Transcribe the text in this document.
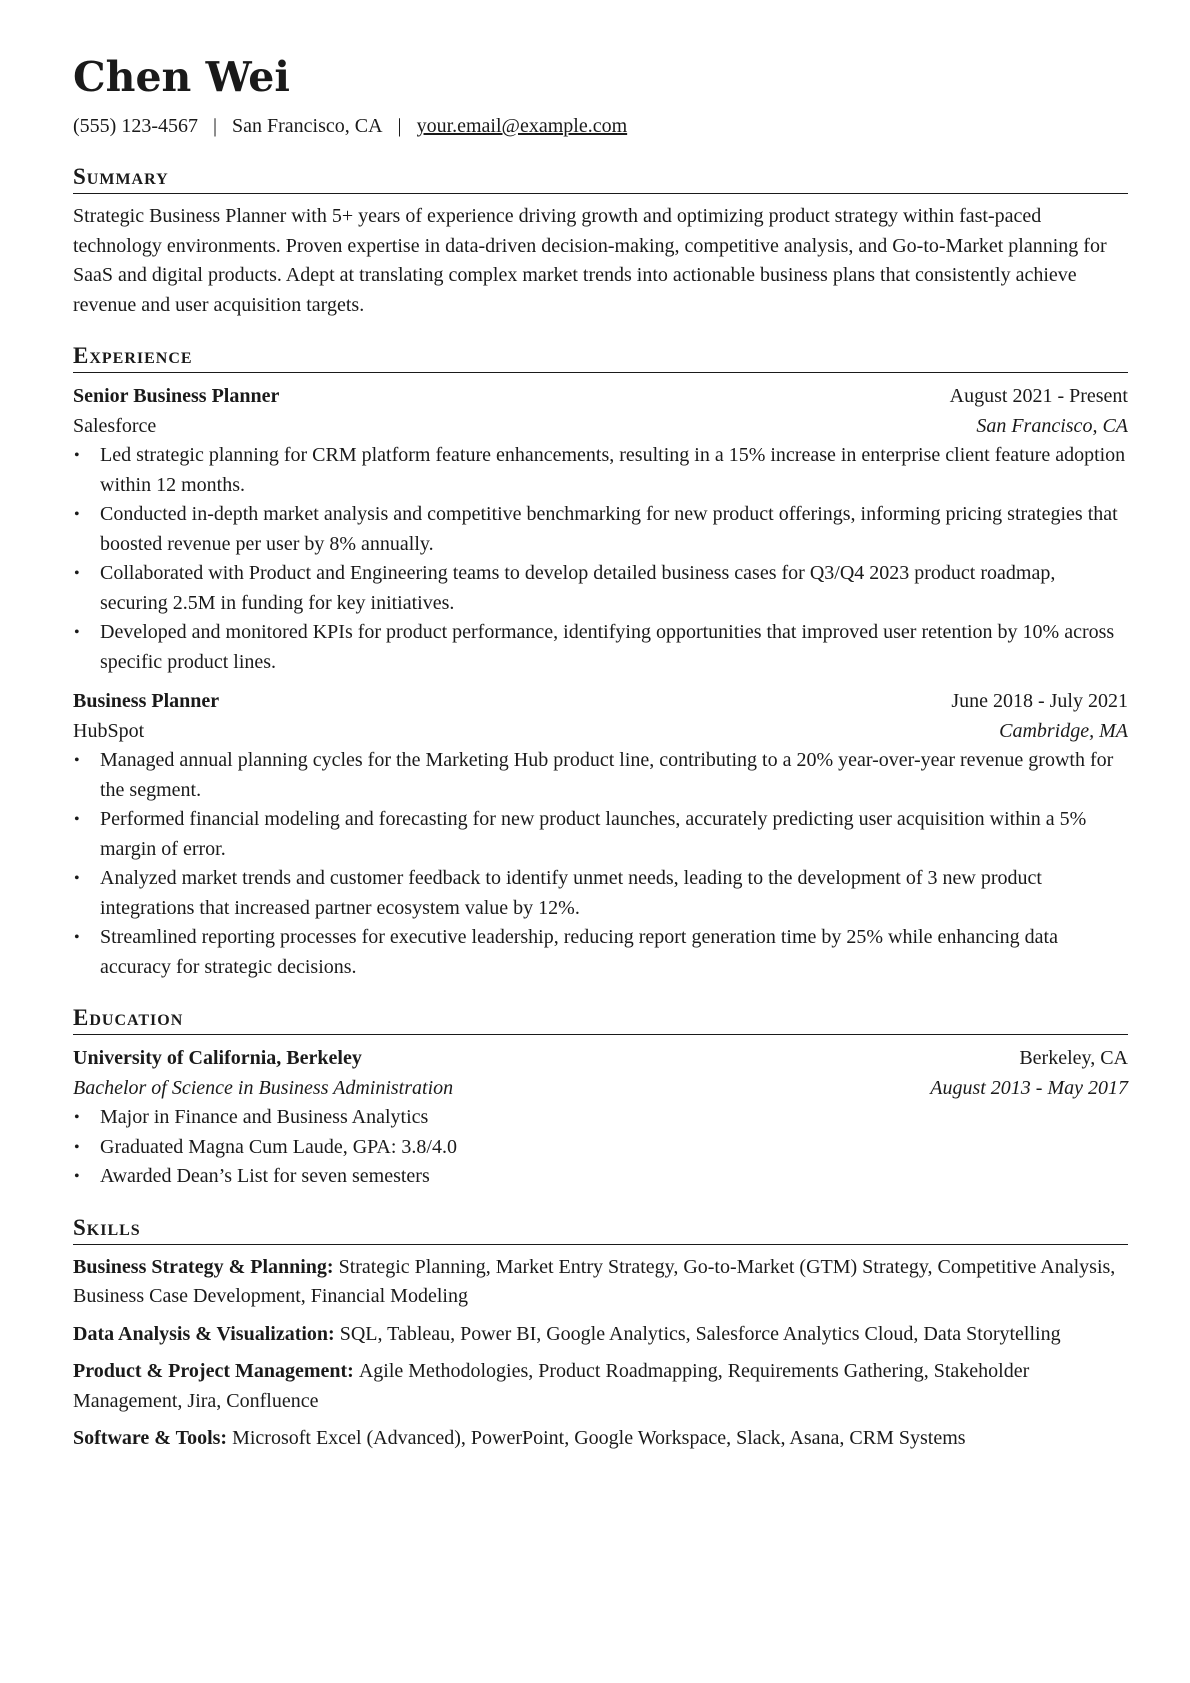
Chen Wei
(555) 123-4567 | San Francisco, CA | your.email@example.com
Summary
Strategic Business Planner with 5+ years of experience driving growth and optimizing product strategy within fast-paced technology environments. Proven expertise in data-driven decision-making, competitive analysis, and Go-to-Market planning for SaaS and digital products. Adept at translating complex market trends into actionable business plans that consistently achieve revenue and user acquisition targets.
Experience
Senior Business Planner	August 2021 - Present
Salesforce	San Francisco, CA
• Led strategic planning for CRM platform feature enhancements, resulting in a 15% increase in enterprise client feature adoption within 12 months.
• Conducted in-depth market analysis and competitive benchmarking for new product offerings, informing pricing strategies that boosted revenue per user by 8% annually.
• Collaborated with Product and Engineering teams to develop detailed business cases for Q3/Q4 2023 product roadmap, securing 2.5M in funding for key initiatives.
• Developed and monitored KPIs for product performance, identifying opportunities that improved user retention by 10% across specific product lines.
Business Planner	June 2018 - July 2021
HubSpot	Cambridge, MA
• Managed annual planning cycles for the Marketing Hub product line, contributing to a 20% year-over-year revenue growth for the segment.
• Performed financial modeling and forecasting for new product launches, accurately predicting user acquisition within a 5% margin of error.
• Analyzed market trends and customer feedback to identify unmet needs, leading to the development of 3 new product integrations that increased partner ecosystem value by 12%.
• Streamlined reporting processes for executive leadership, reducing report generation time by 25% while enhancing data accuracy for strategic decisions.
Education
University of California, Berkeley	Berkeley, CA
Bachelor of Science in Business Administration	August 2013 - May 2017
• Major in Finance and Business Analytics
• Graduated Magna Cum Laude, GPA: 3.8/4.0
• Awarded Dean’s List for seven semesters
Skills
Business Strategy & Planning: Strategic Planning, Market Entry Strategy, Go-to-Market (GTM) Strategy, Competitive Analysis, Business Case Development, Financial Modeling
Data Analysis & Visualization: SQL, Tableau, Power BI, Google Analytics, Salesforce Analytics Cloud, Data Storytelling
Product & Project Management: Agile Methodologies, Product Roadmapping, Requirements Gathering, Stakeholder Management, Jira, Confluence
Software & Tools: Microsoft Excel (Advanced), PowerPoint, Google Workspace, Slack, Asana, CRM Systems
